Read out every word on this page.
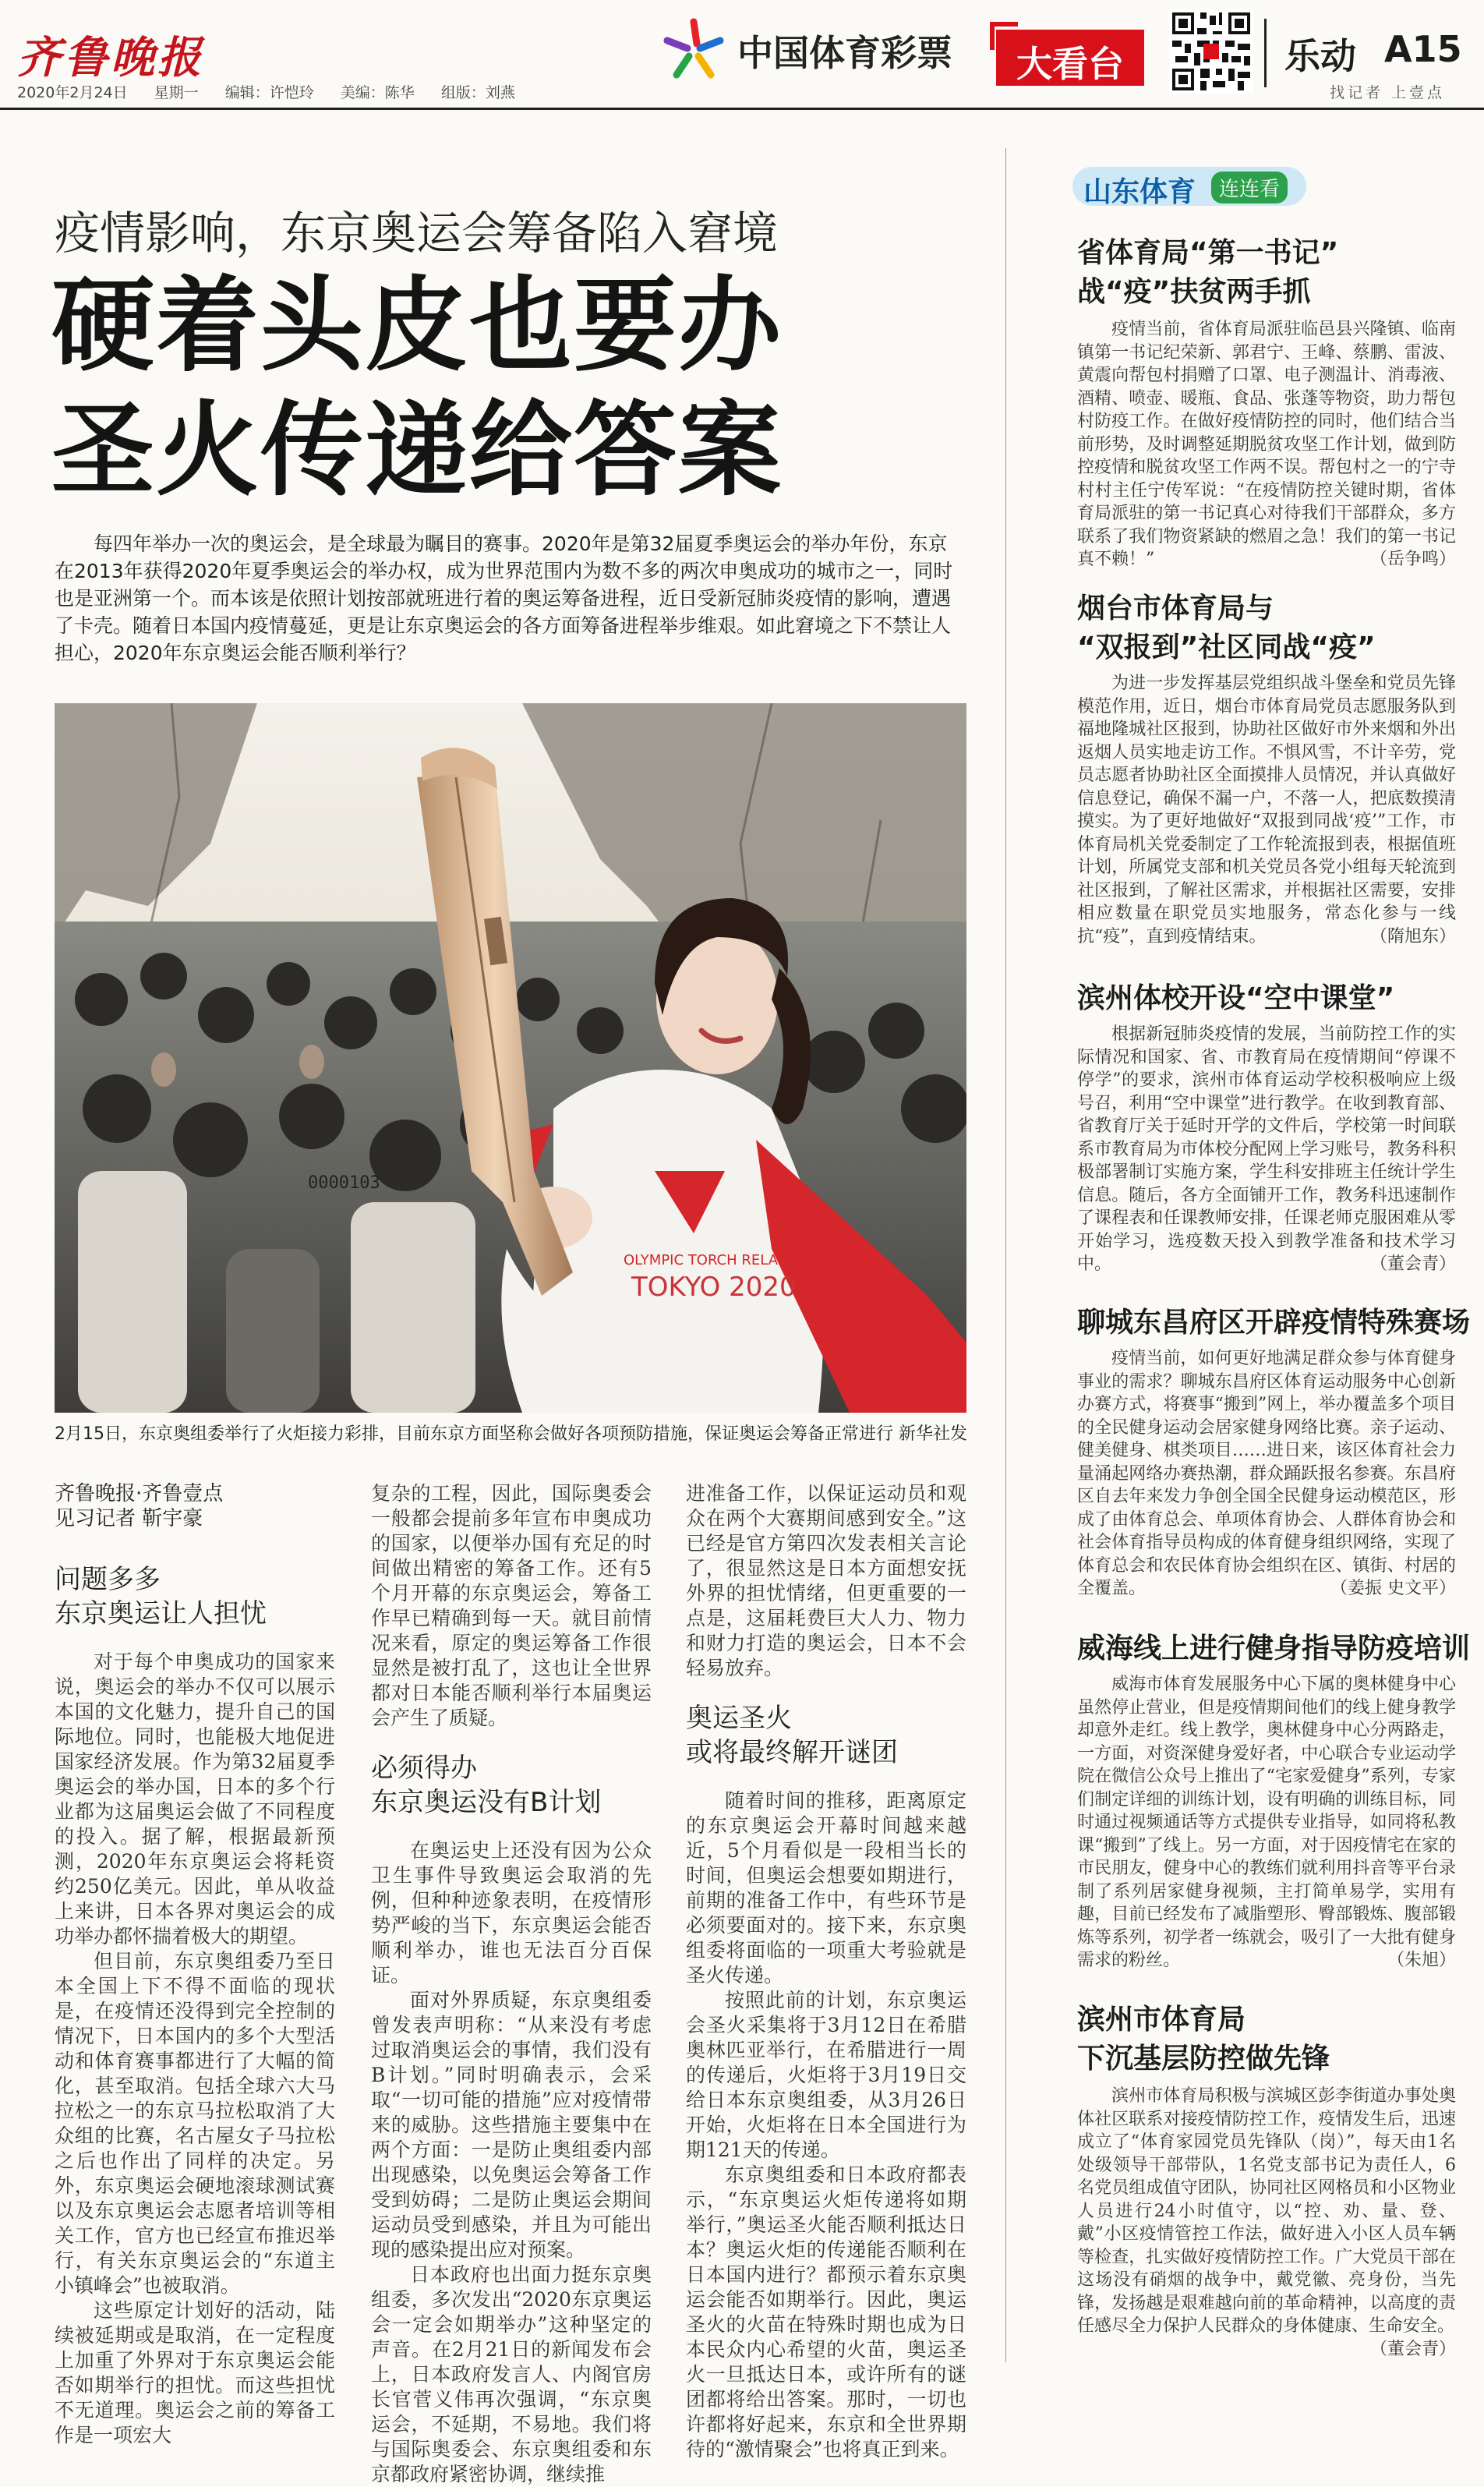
齐鲁晚报
2020年2月24日 星期一 编辑：许恺玲 美编：陈华 组版：刘燕
中国体育彩票	大看台	乐动 A15
找记者 上壹点
疫情影响，东京奥运会筹备陷入窘境
硬着头皮也要办
圣火传递给答案
每四年举办一次的奥运会，是全球最为瞩目的赛事。2020年是第32届夏季奥运会的举办年份，东京在2013年获得2020年夏季奥运会的举办权，成为世界范围内为数不多的两次申奥成功的城市之一，同时也是亚洲第一个。而本该是依照计划按部就班进行着的奥运筹备进程，近日受新冠肺炎疫情的影响，遭遇了卡壳。随着日本国内疫情蔓延，更是让东京奥运会的各方面筹备进程举步维艰。如此窘境之下不禁让人担心，2020年东京奥运会能否顺利举行？
OLYMPIC TORCH RELAY
TOKYO 2020
0000103
2月15日，东京奥组委举行了火炬接力彩排，目前东京方面坚称会做好各项预防措施，保证奥运会筹备正常进行 新华社发
齐鲁晚报·齐鲁壹点
见习记者 靳宇豪
问题多多
东京奥运让人担忧
对于每个申奥成功的国家来说，奥运会的举办不仅可以展示本国的文化魅力，提升自己的国际地位。同时，也能极大地促进国家经济发展。作为第32届夏季奥运会的举办国，日本的多个行业都为这届奥运会做了不同程度的投入。据了解，根据最新预测，2020年东京奥运会将耗资约250亿美元。因此，单从收益上来讲，日本各界对奥运会的成功举办都怀揣着极大的期望。
但目前，东京奥组委乃至日本全国上下不得不面临的现状是，在疫情还没得到完全控制的情况下，日本国内的多个大型活动和体育赛事都进行了大幅的简化，甚至取消。包括全球六大马拉松之一的东京马拉松取消了大众组的比赛，名古屋女子马拉松之后也作出了同样的决定。另外，东京奥运会硬地滚球测试赛以及东京奥运会志愿者培训等相关工作，官方也已经宣布推迟举行，有关东京奥运会的“东道主小镇峰会”也被取消。
这些原定计划好的活动，陆续被延期或是取消，在一定程度上加重了外界对于东京奥运会能否如期举行的担忧。而这些担忧不无道理。奥运会之前的筹备工作是一项宏大
复杂的工程，因此，国际奥委会一般都会提前多年宣布申奥成功的国家，以便举办国有充足的时间做出精密的筹备工作。还有5个月开幕的东京奥运会，筹备工作早已精确到每一天。就目前情况来看，原定的奥运筹备工作很显然是被打乱了，这也让全世界都对日本能否顺利举行本届奥运会产生了质疑。
必须得办
东京奥运没有B计划
在奥运史上还没有因为公众卫生事件导致奥运会取消的先例，但种种迹象表明，在疫情形势严峻的当下，东京奥运会能否顺利举办，谁也无法百分百保证。
面对外界质疑，东京奥组委曾发表声明称：“从来没有考虑过取消奥运会的事情，我们没有B计划。”同时明确表示，会采取“一切可能的措施”应对疫情带来的威胁。这些措施主要集中在两个方面：一是防止奥组委内部出现感染，以免奥运会筹备工作受到妨碍；二是防止奥运会期间运动员受到感染，并且为可能出现的感染提出应对预案。
日本政府也出面力挺东京奥组委，多次发出“2020东京奥运会一定会如期举办”这种坚定的声音。在2月21日的新闻发布会上，日本政府发言人、内阁官房长官菅义伟再次强调，“东京奥运会，不延期，不易地。我们将与国际奥委会、东京奥组委和东京都政府紧密协调，继续推
进准备工作，以保证运动员和观众在两个大赛期间感到安全。”这已经是官方第四次发表相关言论了，很显然这是日本方面想安抚外界的担忧情绪，但更重要的一点是，这届耗费巨大人力、物力和财力打造的奥运会，日本不会轻易放弃。
奥运圣火
或将最终解开谜团
随着时间的推移，距离原定的东京奥运会开幕时间越来越近，5个月看似是一段相当长的时间，但奥运会想要如期进行，前期的准备工作中，有些环节是必须要面对的。接下来，东京奥组委将面临的一项重大考验就是圣火传递。
按照此前的计划，东京奥运会圣火采集将于3月12日在希腊奥林匹亚举行，在希腊进行一周的传递后，火炬将于3月19日交给日本东京奥组委，从3月26日开始，火炬将在日本全国进行为期121天的传递。
东京奥组委和日本政府都表示，“东京奥运火炬传递将如期举行，”奥运圣火能否顺利抵达日本？奥运火炬的传递能否顺利在日本国内进行？都预示着东京奥运会能否如期举行。因此，奥运圣火的火苗在特殊时期也成为日本民众内心希望的火苗，奥运圣火一旦抵达日本，或许所有的谜团都将给出答案。那时，一切也许都将好起来，东京和全世界期待的“激情聚会”也将真正到来。
山东体育	连连看
省体育局“第一书记”
战“疫”扶贫两手抓
疫情当前，省体育局派驻临邑县兴隆镇、临南镇第一书记纪荣新、郭君宁、王峰、蔡鹏、雷波、黄震向帮包村捐赠了口罩、电子测温计、消毒液、酒精、喷壶、暖瓶、食品、张蓬等物资，助力帮包村防疫工作。在做好疫情防控的同时，他们结合当前形势，及时调整延期脱贫攻坚工作计划，做到防控疫情和脱贫攻坚工作两不误。帮包村之一的宁寺村村主任宁传军说：“在疫情防控关键时期，省体育局派驻的第一书记真心对待我们干部群众，多方联系了我们物资紧缺的燃眉之急！我们的第一书记真不赖！”	（岳争鸣）
烟台市体育局与
“双报到”社区同战“疫”
为进一步发挥基层党组织战斗堡垒和党员先锋模范作用，近日，烟台市体育局党员志愿服务队到福地隆城社区报到，协助社区做好市外来烟和外出返烟人员实地走访工作。不惧风雪，不计辛劳，党员志愿者协助社区全面摸排人员情况，并认真做好信息登记，确保不漏一户，不落一人，把底数摸清摸实。为了更好地做好“双报到同战‘疫’”工作，市体育局机关党委制定了工作轮流报到表，根据值班计划，所属党支部和机关党员各党小组每天轮流到社区报到，了解社区需求，并根据社区需要，安排相应数量在职党员实地服务，常态化参与一线抗“疫”，直到疫情结束。	（隋旭东）
滨州体校开设“空中课堂”
根据新冠肺炎疫情的发展，当前防控工作的实际情况和国家、省、市教育局在疫情期间“停课不停学”的要求，滨州市体育运动学校积极响应上级号召，利用“空中课堂”进行教学。在收到教育部、省教育厅关于延时开学的文件后，学校第一时间联系市教育局为市体校分配网上学习账号，教务科积极部署制订实施方案，学生科安排班主任统计学生信息。随后，各方全面铺开工作，教务科迅速制作了课程表和任课教师安排，任课老师克服困难从零开始学习，选疫数天投入到教学准备和技术学习中。	（董会青）
聊城东昌府区开辟疫情特殊赛场
疫情当前，如何更好地满足群众参与体育健身事业的需求？聊城东昌府区体育运动服务中心创新办赛方式，将赛事“搬到”网上，举办覆盖多个项目的全民健身运动会居家健身网络比赛。亲子运动、健美健身、棋类项目……进日来，该区体育社会力量涌起网络办赛热潮，群众踊跃报名参赛。东昌府区自去年来发力争创全国全民健身运动模范区，形成了由体育总会、单项体育协会、人群体育协会和社会体育指导员构成的体育健身组织网络，实现了体育总会和农民体育协会组织在区、镇街、村居的全覆盖。	（姜振 史文平）
威海线上进行健身指导防疫培训
威海市体育发展服务中心下属的奥林健身中心虽然停止营业，但是疫情期间他们的线上健身教学却意外走红。线上教学，奥林健身中心分两路走，一方面，对资深健身爱好者，中心联合专业运动学院在微信公众号上推出了“宅家爱健身”系列，专家们制定详细的训练计划，设有明确的训练目标，同时通过视频通话等方式提供专业指导，如同将私教课“搬到”了线上。另一方面，对于因疫情宅在家的市民朋友，健身中心的教练们就利用抖音等平台录制了系列居家健身视频，主打简单易学，实用有趣，目前已经发布了减脂塑形、臀部锻炼、腹部锻炼等系列，初学者一练就会，吸引了一大批有健身需求的粉丝。	（朱旭）
滨州市体育局
下沉基层防控做先锋
滨州市体育局积极与滨城区彭李街道办事处奥体社区联系对接疫情防控工作，疫情发生后，迅速成立了“体育家园党员先锋队（岗）”，每天由1名处级领导干部带队，1名党支部书记为责任人，6名党员组成值守团队，协同社区网格员和小区物业人员进行24小时值守，以“控、劝、量、登、戴”小区疫情管控工作法，做好进入小区人员车辆等检查，扎实做好疫情防控工作。广大党员干部在这场没有硝烟的战争中，戴党徽、亮身份，当先锋，发扬越是艰难越向前的革命精神，以高度的责任感尽全力保护人民群众的身体健康、生命安全。
（董会青）
